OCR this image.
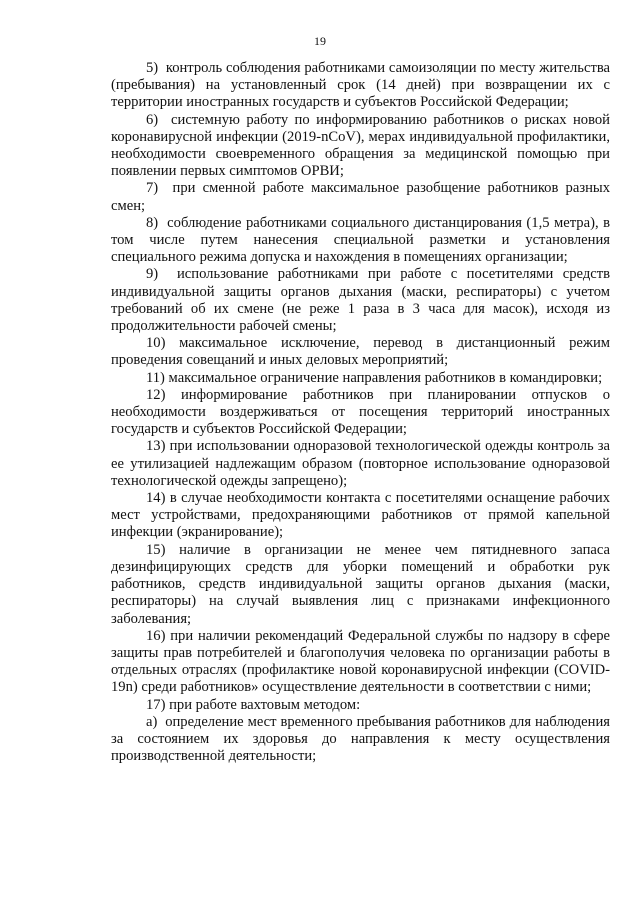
19

5)  контроль соблюдения работниками самоизоляции по месту жительства (пребывания) на установленный срок (14 дней) при возвращении их с территории иностранных государств и субъектов Российской Федерации;

6)  системную работу по информированию работников о рисках новой коронавирусной инфекции (2019-nCoV), мерах индивидуальной профилактики, необходимости своевременного обращения за медицинской помощью при появлении первых симптомов ОРВИ;

7)  при сменной работе максимальное разобщение работников разных смен;

8)  соблюдение работниками социального дистанцирования (1,5 метра), в том числе путем нанесения специальной разметки и установления специального режима допуска и нахождения в помещениях организации;

9)  использование работниками при работе с посетителями средств индивидуальной защиты органов дыхания (маски, респираторы) с учетом требований об их смене (не реже 1 раза в 3 часа для масок), исходя из продолжительности рабочей смены;

10) максимальное исключение, перевод в дистанционный режим проведения совещаний и иных деловых мероприятий;

11) максимальное ограничение направления работников в командировки;

12) информирование работников при планировании отпусков о необходимости воздерживаться от посещения территорий иностранных государств и субъектов Российской Федерации;

13) при использовании одноразовой технологической одежды контроль за ее утилизацией надлежащим образом (повторное использование одноразовой технологической одежды запрещено);

14) в случае необходимости контакта с посетителями оснащение рабочих мест устройствами, предохраняющими работников от прямой капельной инфекции (экранирование);

15) наличие в организации не менее чем пятидневного запаса дезинфицирующих средств для уборки помещений и обработки рук работников, средств индивидуальной защиты органов дыхания (маски, респираторы) на случай выявления лиц с признаками инфекционного заболевания;

16) при наличии рекомендаций Федеральной службы по надзору в сфере защиты прав потребителей и благополучия человека по организации работы в отдельных отраслях (профилактике новой коронавирусной инфекции (COVID-19n) среди работников» осуществление деятельности в соответствии с ними;

17) при работе вахтовым методом:

а)  определение мест временного пребывания работников для наблюдения за состоянием их здоровья до направления к месту осуществления производственной деятельности;
